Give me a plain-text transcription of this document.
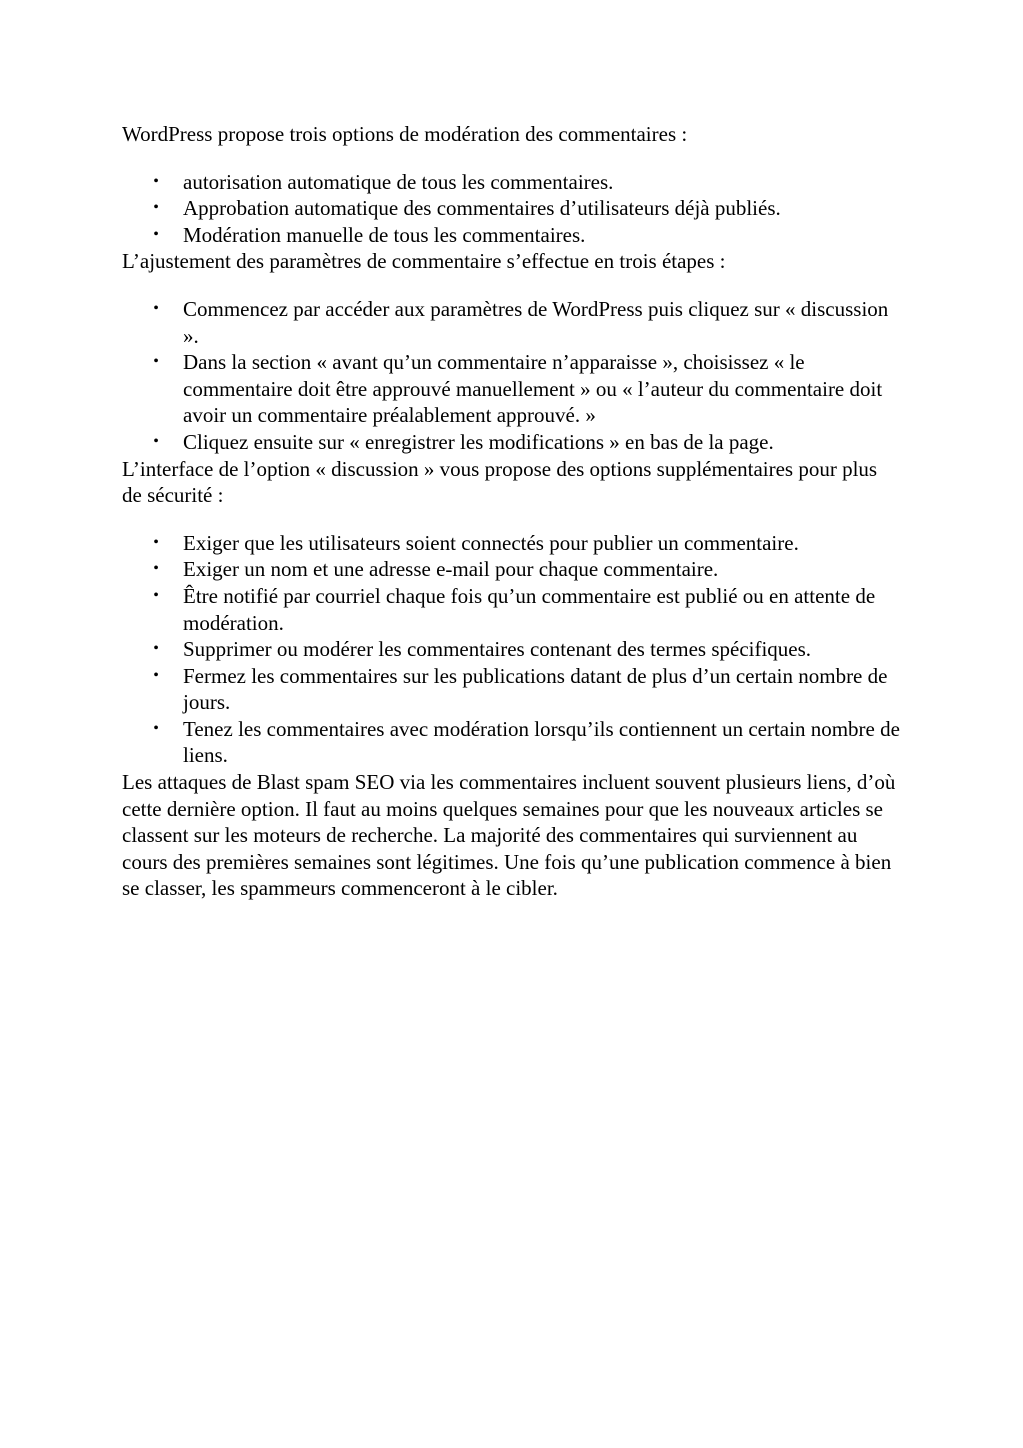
WordPress propose trois options de modération des commentaires :

• autorisation automatique de tous les commentaires.
• Approbation automatique des commentaires d’utilisateurs déjà publiés.
• Modération manuelle de tous les commentaires.

L’ajustement des paramètres de commentaire s’effectue en trois étapes :

• Commencez par accéder aux paramètres de WordPress puis cliquez sur « discussion ».
• Dans la section « avant qu’un commentaire n’apparaisse », choisissez « le commentaire doit être approuvé manuellement » ou « l’auteur du commentaire doit avoir un commentaire préalablement approuvé. »
• Cliquez ensuite sur « enregistrer les modifications » en bas de la page.

L’interface de l’option « discussion » vous propose des options supplémentaires pour plus de sécurité :

• Exiger que les utilisateurs soient connectés pour publier un commentaire.
• Exiger un nom et une adresse e-mail pour chaque commentaire.
• Être notifié par courriel chaque fois qu’un commentaire est publié ou en attente de modération.
• Supprimer ou modérer les commentaires contenant des termes spécifiques.
• Fermez les commentaires sur les publications datant de plus d’un certain nombre de jours.
• Tenez les commentaires avec modération lorsqu’ils contiennent un certain nombre de liens.

Les attaques de Blast spam SEO via les commentaires incluent souvent plusieurs liens, d’où cette dernière option. Il faut au moins quelques semaines pour que les nouveaux articles se classent sur les moteurs de recherche. La majorité des commentaires qui surviennent au cours des premières semaines sont légitimes. Une fois qu’une publication commence à bien se classer, les spammeurs commenceront à le cibler.
